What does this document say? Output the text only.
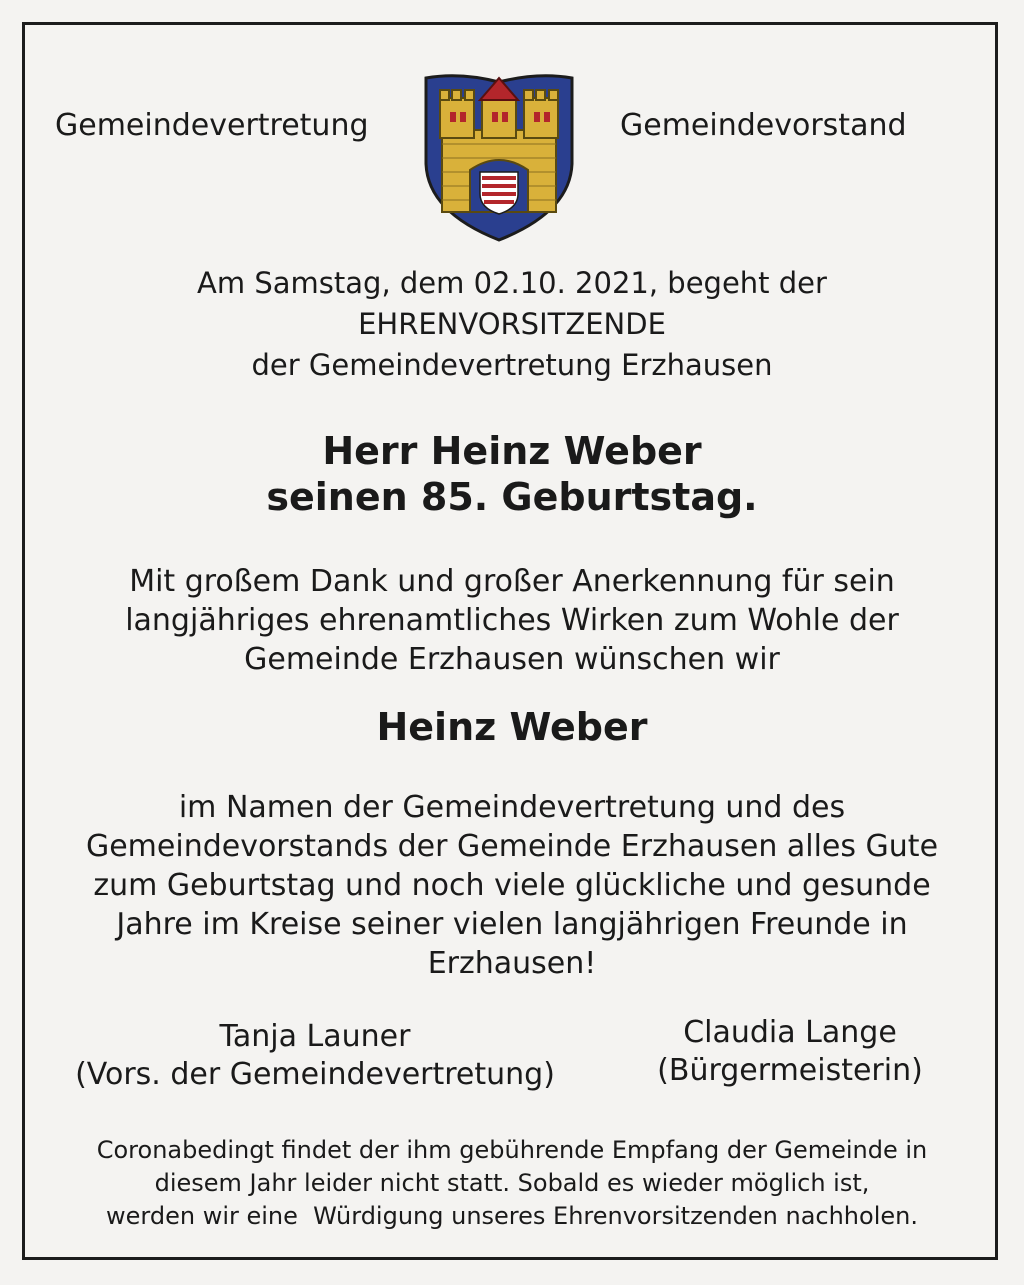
Gemeindevertretung	Gemeindevorstand

Am Samstag, dem 02.10. 2021, begeht der
EHRENVORSITZENDE
der Gemeindevertretung Erzhausen
Herr Heinz Weber
seinen 85. Geburtstag.
Mit großem Dank und großer Anerkennung für sein
langjähriges ehrenamtliches Wirken zum Wohle der
Gemeinde Erzhausen wünschen wir
Heinz Weber
im Namen der Gemeindevertretung und des
Gemeindevorstands der Gemeinde Erzhausen alles Gute
zum Geburtstag und noch viele glückliche und gesunde
Jahre im Kreise seiner vielen langjährigen Freunde in
Erzhausen!
Tanja Launer
(Vors. der Gemeindevertretung)
Claudia Lange
(Bürgermeisterin)
Coronabedingt findet der ihm gebührende Empfang der Gemeinde in
diesem Jahr leider nicht statt. Sobald es wieder möglich ist,
werden wir eine  Würdigung unseres Ehrenvorsitzenden nachholen.
